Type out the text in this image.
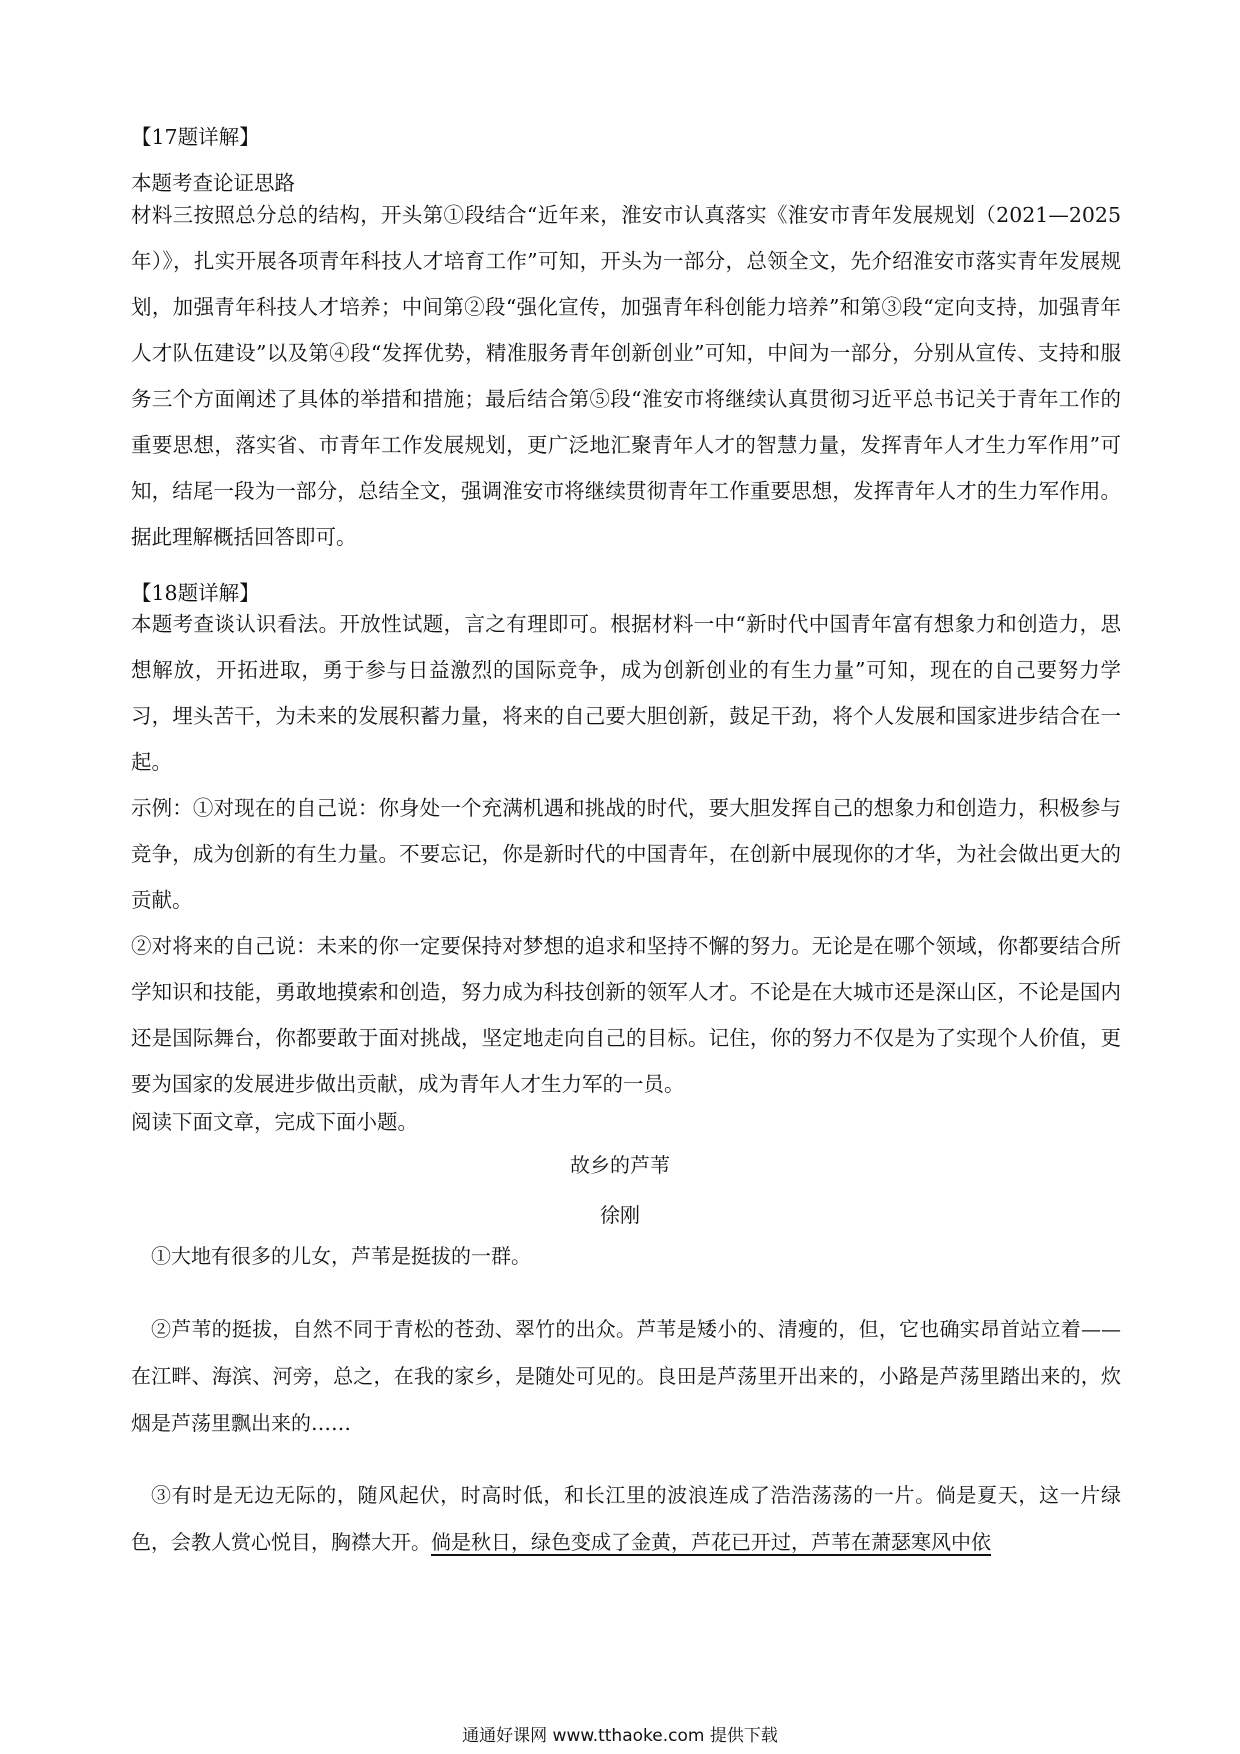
【17题详解】

本题考查论证思路

材料三按照总分总的结构，开头第①段结合“近年来，淮安市认真落实《淮安市青年发展规划（2021—2025年）》，扎实开展各项青年科技人才培育工作”可知，开头为一部分，总领全文，先介绍淮安市落实青年发展规划，加强青年科技人才培养；中间第②段“强化宣传，加强青年科创能力培养”和第③段“定向支持，加强青年人才队伍建设”以及第④段“发挥优势，精准服务青年创新创业”可知，中间为一部分，分别从宣传、支持和服务三个方面阐述了具体的举措和措施；最后结合第⑤段“淮安市将继续认真贯彻习近平总书记关于青年工作的重要思想，落实省、市青年工作发展规划，更广泛地汇聚青年人才的智慧力量，发挥青年人才生力军作用”可知，结尾一段为一部分，总结全文，强调淮安市将继续贯彻青年工作重要思想，发挥青年人才的生力军作用。据此理解概括回答即可。

【18题详解】

本题考查谈认识看法。开放性试题，言之有理即可。根据材料一中“新时代中国青年富有想象力和创造力，思想解放，开拓进取，勇于参与日益激烈的国际竞争，成为创新创业的有生力量”可知，现在的自己要努力学习，埋头苦干，为未来的发展积蓄力量，将来的自己要大胆创新，鼓足干劲，将个人发展和国家进步结合在一起。

示例：①对现在的自己说：你身处一个充满机遇和挑战的时代，要大胆发挥自己的想象力和创造力，积极参与竞争，成为创新的有生力量。不要忘记，你是新时代的中国青年，在创新中展现你的才华，为社会做出更大的贡献。

②对将来的自己说：未来的你一定要保持对梦想的追求和坚持不懈的努力。无论是在哪个领域，你都要结合所学知识和技能，勇敢地摸索和创造，努力成为科技创新的领军人才。不论是在大城市还是深山区，不论是国内还是国际舞台，你都要敢于面对挑战，坚定地走向自己的目标。记住，你的努力不仅是为了实现个人价值，更要为国家的发展进步做出贡献，成为青年人才生力军的一员。

阅读下面文章，完成下面小题。

故乡的芦苇

徐刚

①大地有很多的儿女，芦苇是挺拔的一群。

②芦苇的挺拔，自然不同于青松的苍劲、翠竹的出众。芦苇是矮小的、清瘦的，但，它也确实昂首站立着——在江畔、海滨、河旁，总之，在我的家乡，是随处可见的。良田是芦荡里开出来的，小路是芦荡里踏出来的，炊烟是芦荡里飘出来的……

③有时是无边无际的，随风起伏，时高时低，和长江里的波浪连成了浩浩荡荡的一片。倘是夏天，这一片绿色，会教人赏心悦目，胸襟大开。倘是秋日，绿色变成了金黄，芦花已开过，芦苇在萧瑟寒风中依

通通好课网 www.tthaoke.com 提供下载
